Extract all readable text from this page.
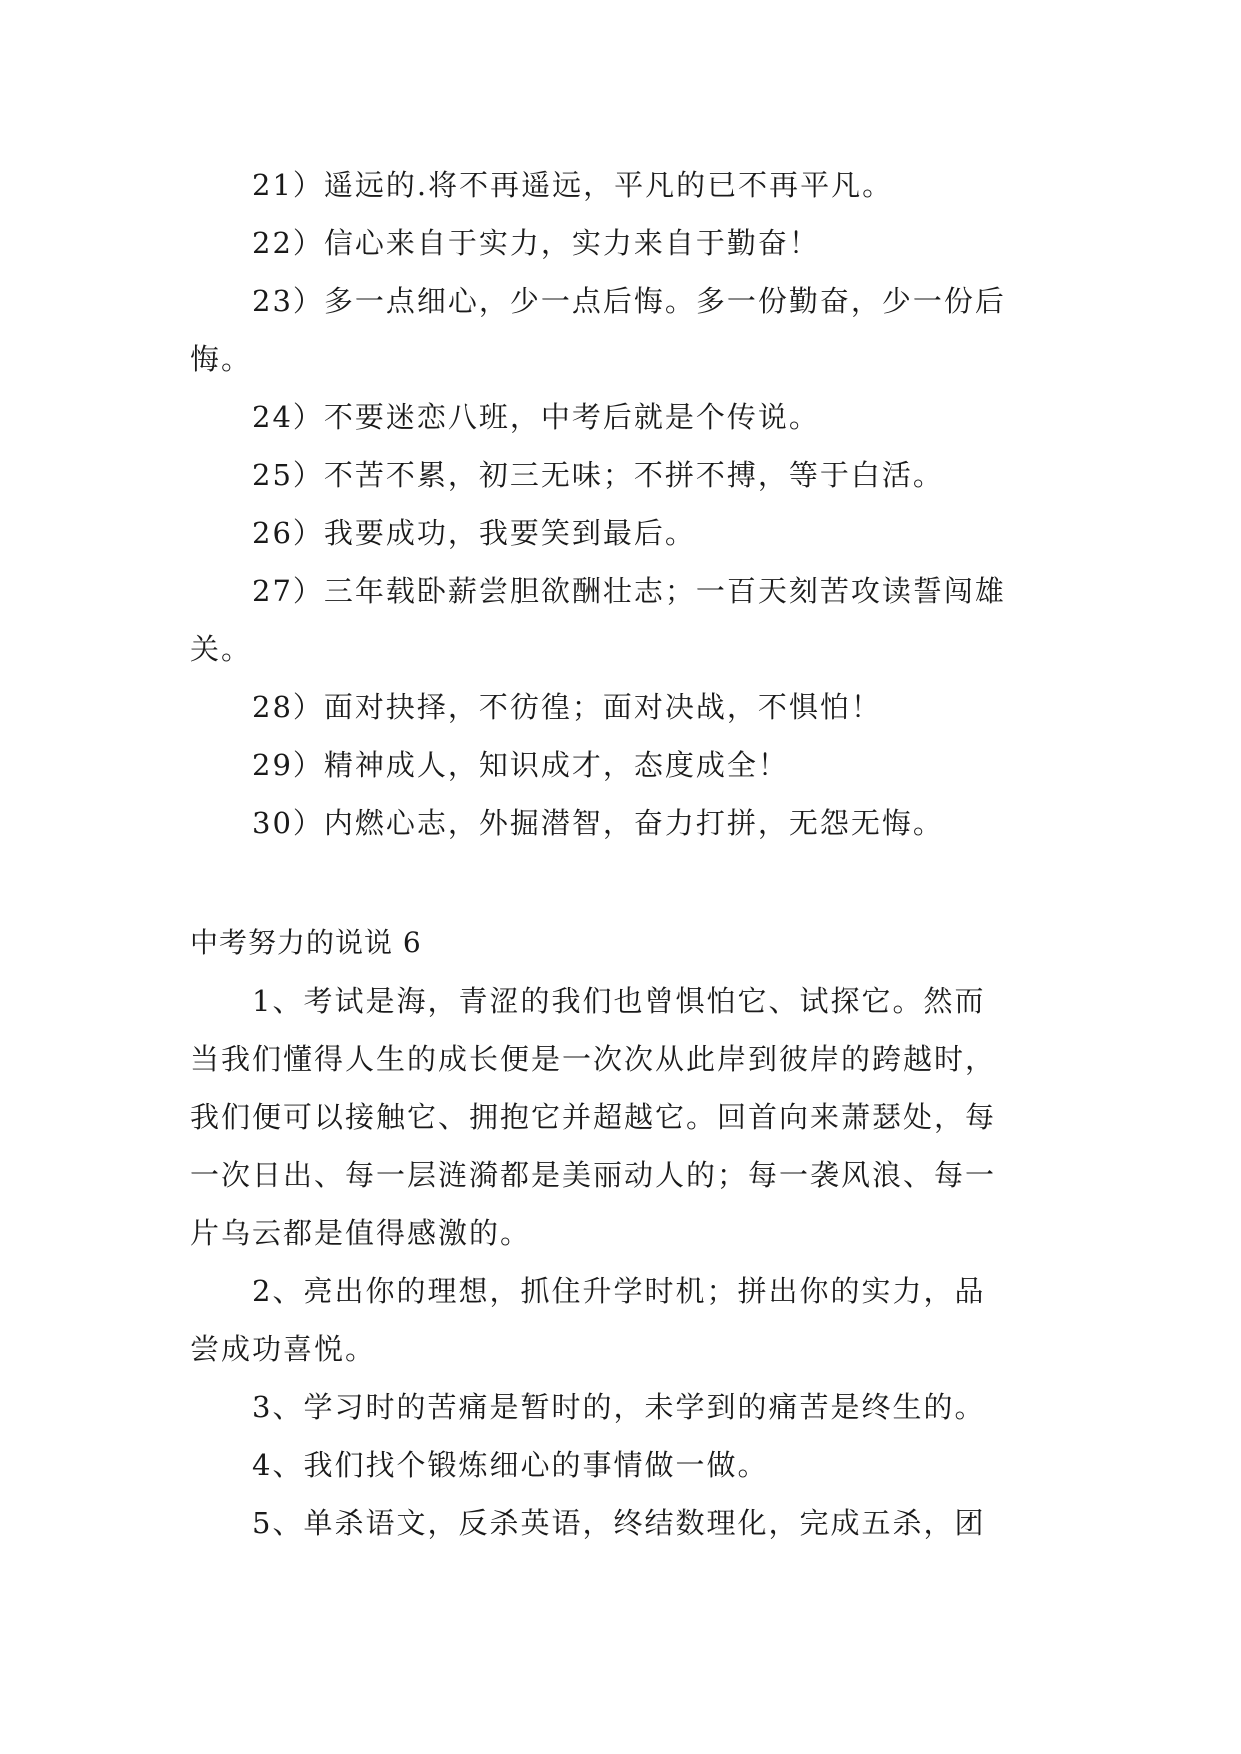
21）遥远的.将不再遥远，平凡的已不再平凡。
22）信心来自于实力，实力来自于勤奋！
23）多一点细心，少一点后悔。多一份勤奋，少一份后
悔。
24）不要迷恋八班，中考后就是个传说。
25）不苦不累，初三无味；不拼不搏，等于白活。
26）我要成功，我要笑到最后。
27）三年载卧薪尝胆欲酬壮志；一百天刻苦攻读誓闯雄
关。
28）面对抉择，不彷徨；面对决战，不惧怕！
29）精神成人，知识成才，态度成全！
30）内燃心志，外掘潜智，奋力打拼，无怨无悔。
中考努力的说说 6
1、考试是海，青涩的我们也曾惧怕它、试探它。然而
当我们懂得人生的成长便是一次次从此岸到彼岸的跨越时，
我们便可以接触它、拥抱它并超越它。回首向来萧瑟处，每
一次日出、每一层涟漪都是美丽动人的；每一袭风浪、每一
片乌云都是值得感激的。
2、亮出你的理想，抓住升学时机；拼出你的实力，品
尝成功喜悦。
3、学习时的苦痛是暂时的，未学到的痛苦是终生的。
4、我们找个锻炼细心的事情做一做。
5、单杀语文，反杀英语，终结数理化，完成五杀，团
